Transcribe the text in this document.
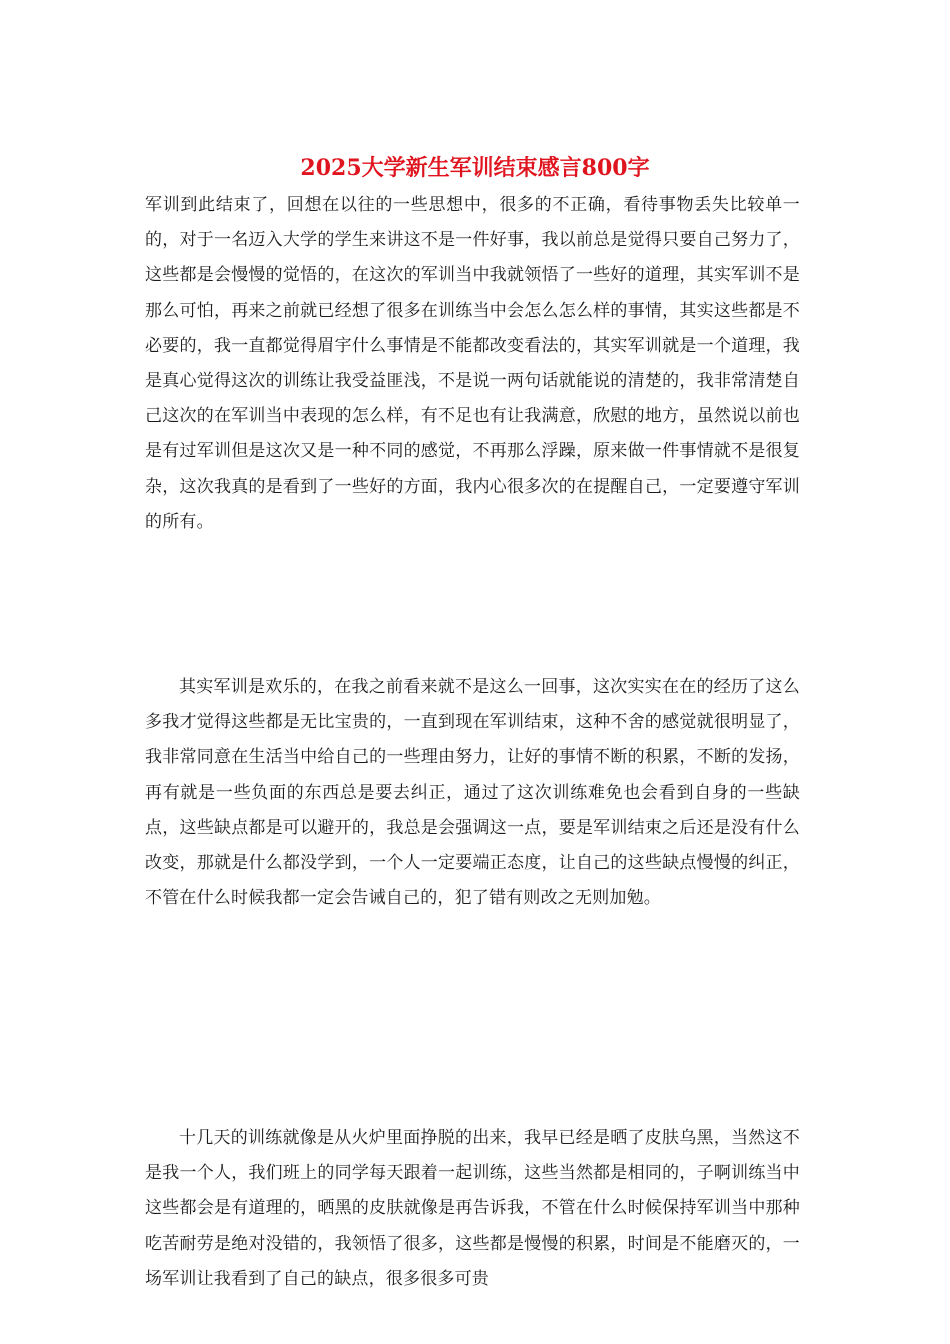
2025大学新生军训结束感言800字

军训到此结束了，回想在以往的一些思想中，很多的不正确，看待事物丢失比较单一的，对于一名迈入大学的学生来讲这不是一件好事，我以前总是觉得只要自己努力了，这些都是会慢慢的觉悟的，在这次的军训当中我就领悟了一些好的道理，其实军训不是那么可怕，再来之前就已经想了很多在训练当中会怎么怎么样的事情，其实这些都是不必要的，我一直都觉得眉宇什么事情是不能都改变看法的，其实军训就是一个道理，我是真心觉得这次的训练让我受益匪浅，不是说一两句话就能说的清楚的，我非常清楚自己这次的在军训当中表现的怎么样，有不足也有让我满意，欣慰的地方，虽然说以前也是有过军训但是这次又是一种不同的感觉，不再那么浮躁，原来做一件事情就不是很复杂，这次我真的是看到了一些好的方面，我内心很多次的在提醒自己，一定要遵守军训的所有。

其实军训是欢乐的，在我之前看来就不是这么一回事，这次实实在在的经历了这么多我才觉得这些都是无比宝贵的，一直到现在军训结束，这种不舍的感觉就很明显了，我非常同意在生活当中给自己的一些理由努力，让好的事情不断的积累，不断的发扬，再有就是一些负面的东西总是要去纠正，通过了这次训练难免也会看到自身的一些缺点，这些缺点都是可以避开的，我总是会强调这一点，要是军训结束之后还是没有什么改变，那就是什么都没学到，一个人一定要端正态度，让自己的这些缺点慢慢的纠正，不管在什么时候我都一定会告诫自己的，犯了错有则改之无则加勉。

十几天的训练就像是从火炉里面挣脱的出来，我早已经是晒了皮肤乌黑，当然这不是我一个人，我们班上的同学每天跟着一起训练，这些当然都是相同的，子啊训练当中这些都会是有道理的，晒黑的皮肤就像是再告诉我，不管在什么时候保持军训当中那种吃苦耐劳是绝对没错的，我领悟了很多，这些都是慢慢的积累，时间是不能磨灭的，一场军训让我看到了自己的缺点，很多很多可贵
